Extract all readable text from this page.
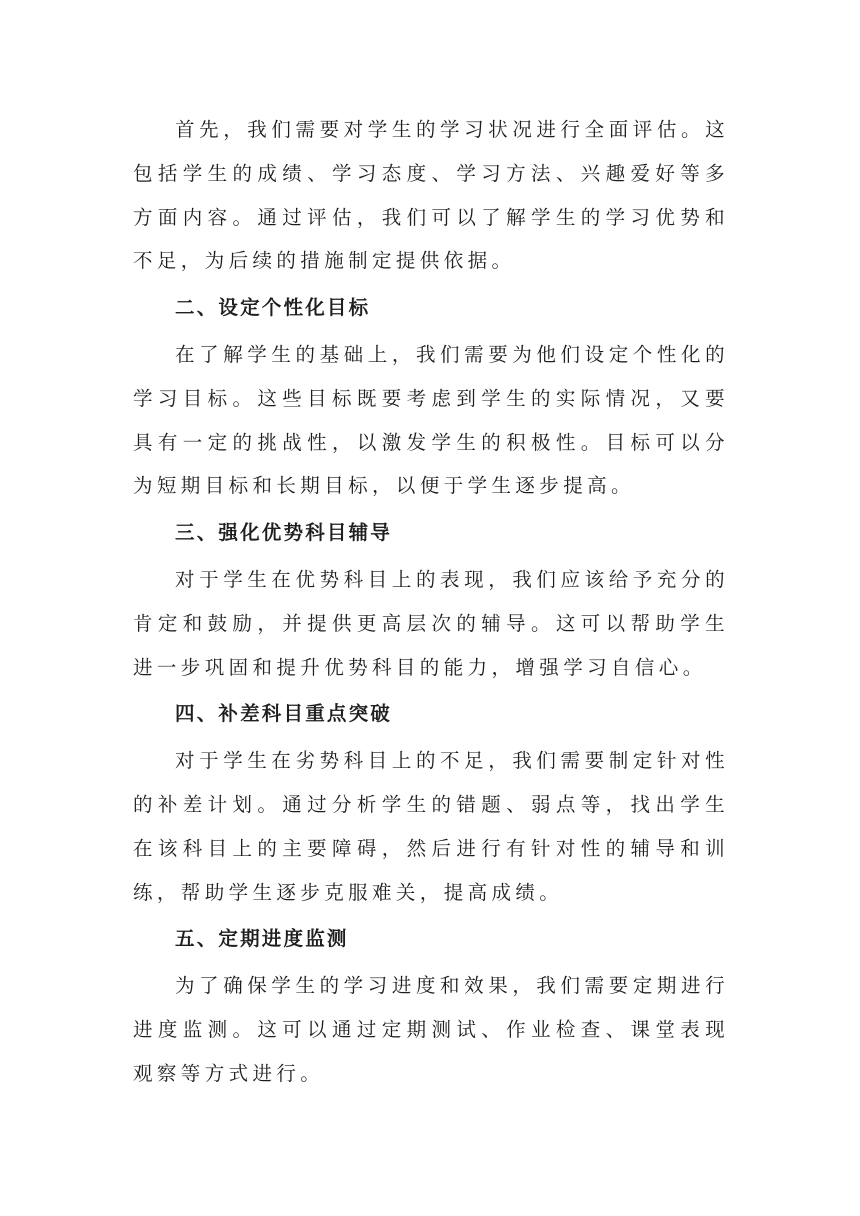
首先，我们需要对学生的学习状况进行全面评估。这包括学生的成绩、学习态度、学习方法、兴趣爱好等多方面内容。通过评估，我们可以了解学生的学习优势和不足，为后续的措施制定提供依据。

二、设定个性化目标

在了解学生的基础上，我们需要为他们设定个性化的学习目标。这些目标既要考虑到学生的实际情况，又要具有一定的挑战性，以激发学生的积极性。目标可以分为短期目标和长期目标，以便于学生逐步提高。

三、强化优势科目辅导

对于学生在优势科目上的表现，我们应该给予充分的肯定和鼓励，并提供更高层次的辅导。这可以帮助学生进一步巩固和提升优势科目的能力，增强学习自信心。

四、补差科目重点突破

对于学生在劣势科目上的不足，我们需要制定针对性的补差计划。通过分析学生的错题、弱点等，找出学生在该科目上的主要障碍，然后进行有针对性的辅导和训练，帮助学生逐步克服难关，提高成绩。

五、定期进度监测

为了确保学生的学习进度和效果，我们需要定期进行进度监测。这可以通过定期测试、作业检查、课堂表现观察等方式进行。
